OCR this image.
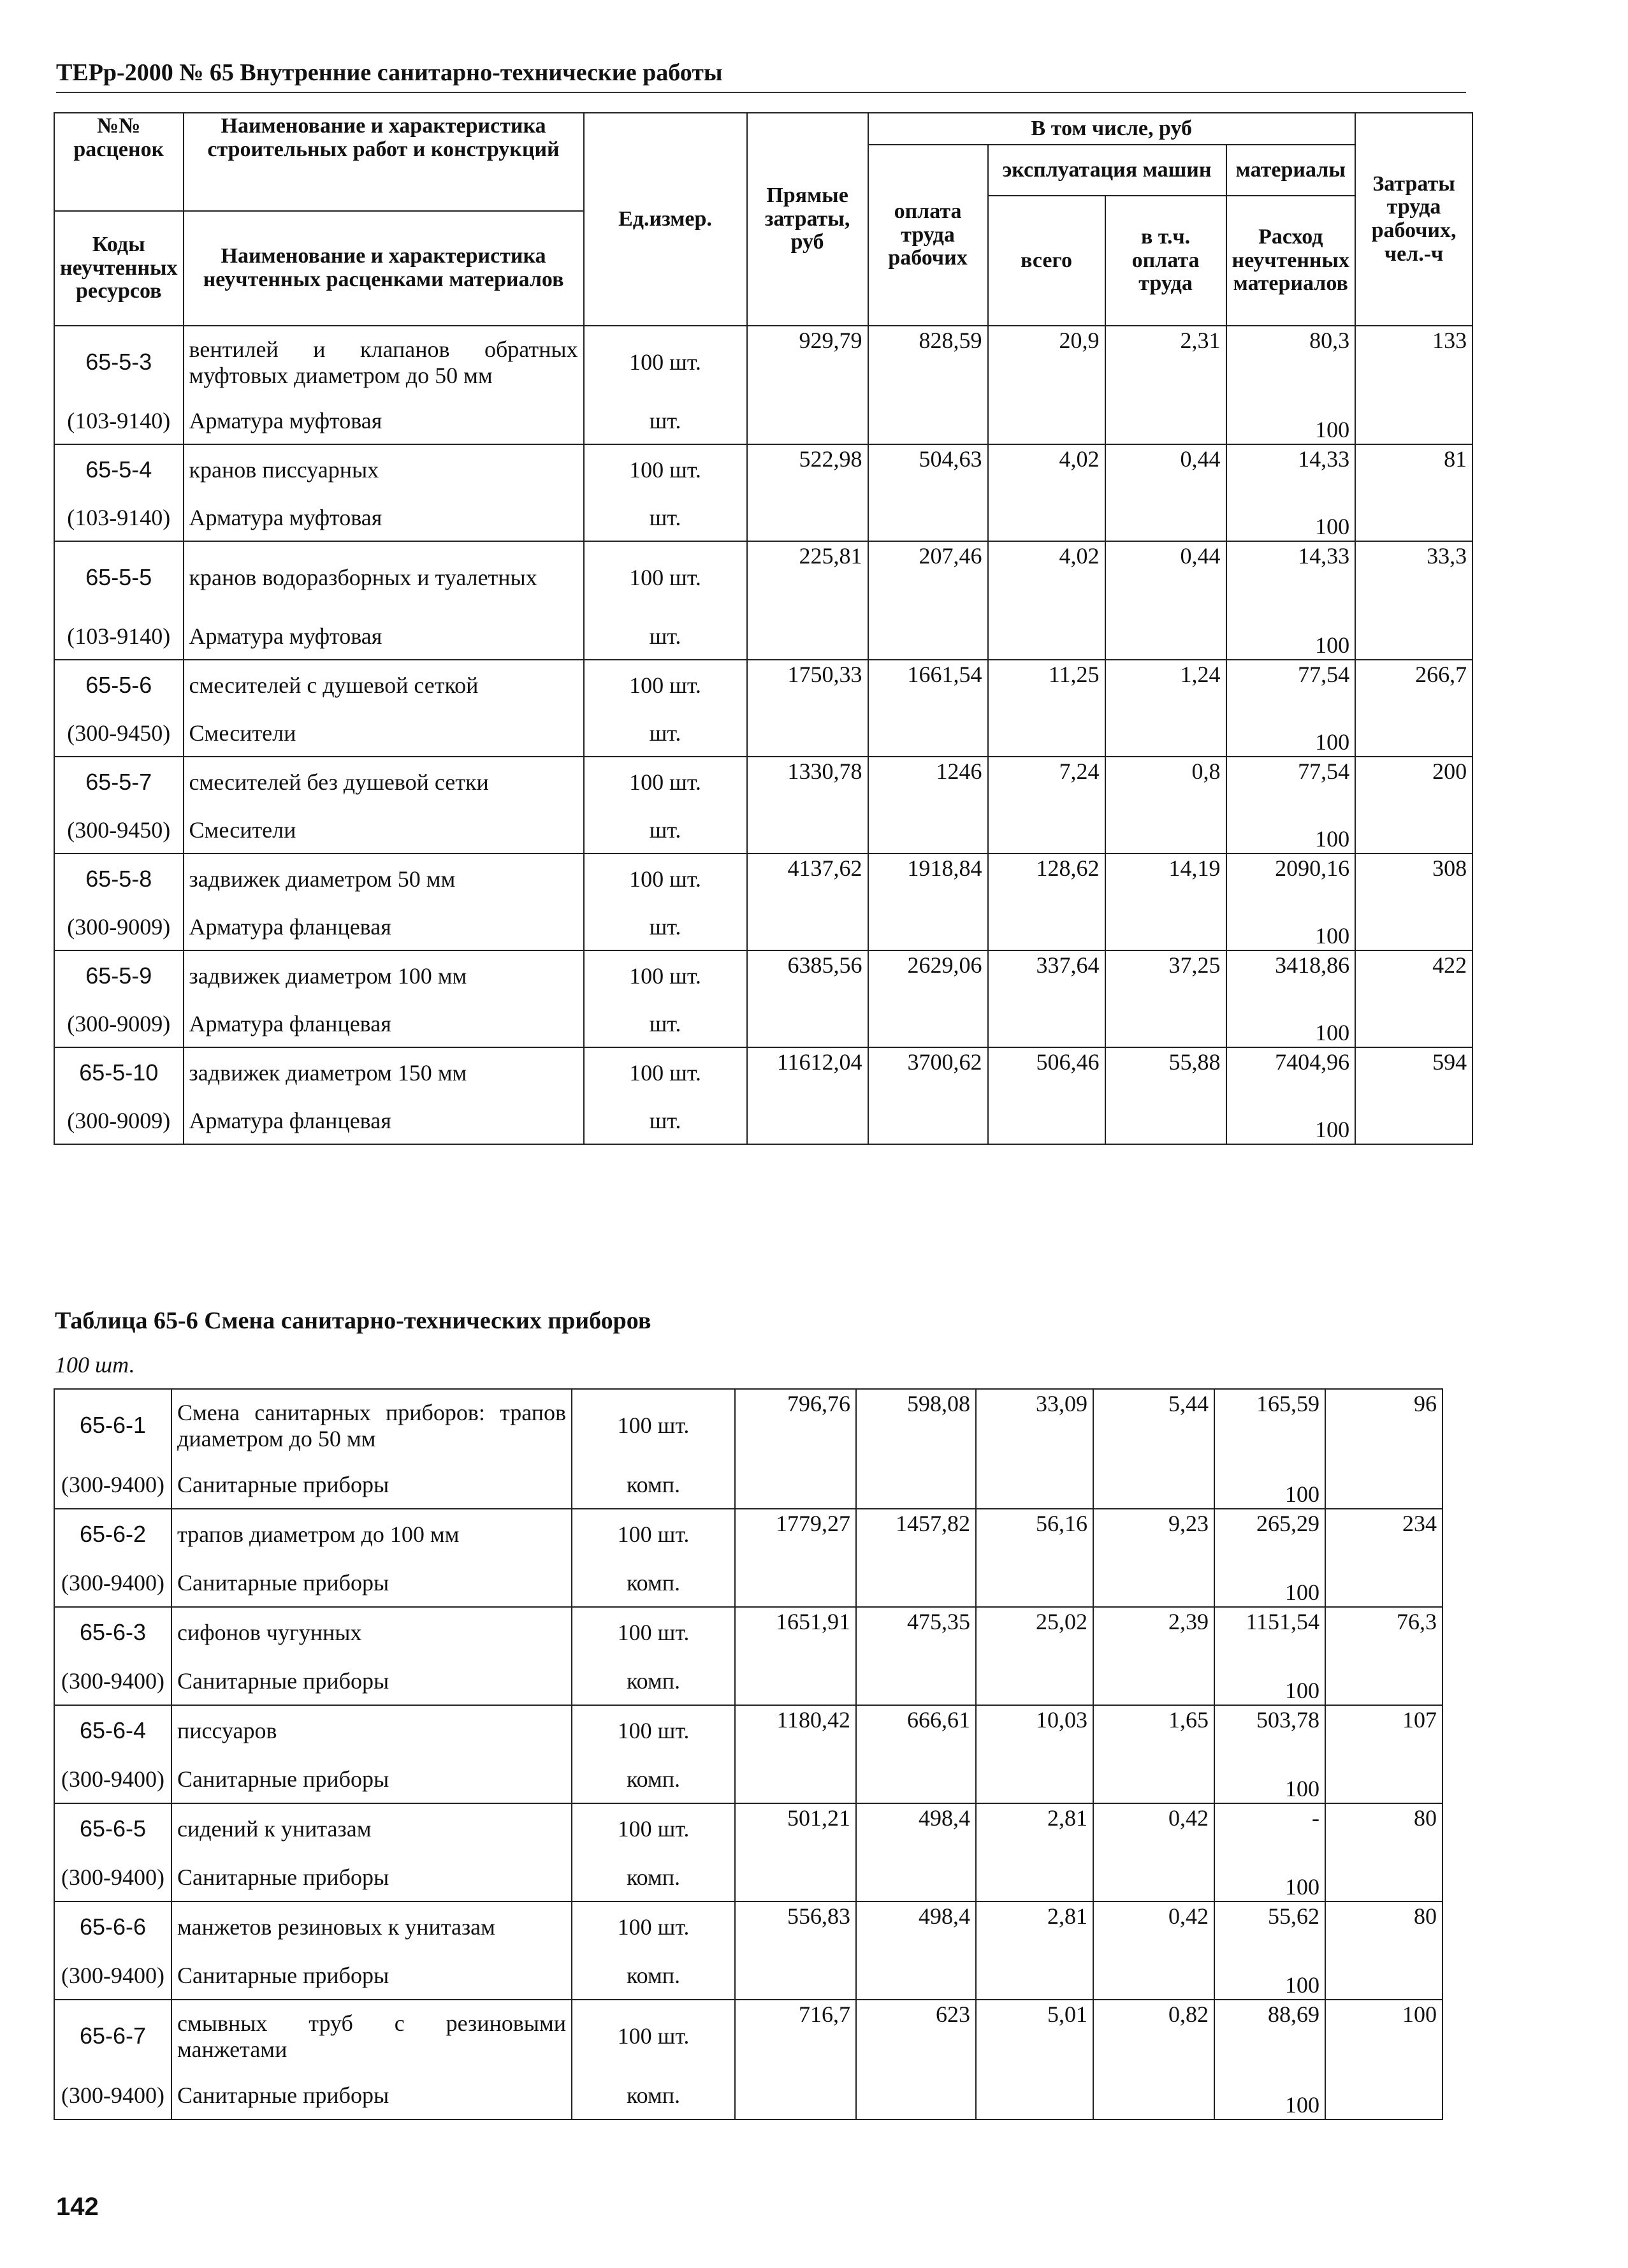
ТЕРр-2000 № 65 Внутренние санитарно-технические работы
№№ расценок	Наименование и характеристика строительных работ и конструкций	Ед.измер.	Прямые затраты, руб	В том числе, руб				Затраты труда рабочих, чел.-ч
				оплата труда рабочих	эксплуатация машин		материалы	

					всего	в т.ч. оплата труда	Расход неучтенных материалов	
Коды неучтенных ресурсов	Наименование и характеристика неучтенных расценками материалов							

65-5-3	вентилей и клапанов обратных муфтовых диаметром до 50 мм	100 шт.	929,79	828,59	20,9	2,31	80,3	133
(103-9140)	Арматура муфтовая	шт.					100	
65-5-4	кранов писсуарных	100 шт.	522,98	504,63	4,02	0,44	14,33	81
(103-9140)	Арматура муфтовая	шт.					100	
65-5-5	кранов водоразборных и туалетных	100 шт.	225,81	207,46	4,02	0,44	14,33	33,3
(103-9140)	Арматура муфтовая	шт.					100	
65-5-6	смесителей с душевой сеткой	100 шт.	1750,33	1661,54	11,25	1,24	77,54	266,7
(300-9450)	Смесители	шт.					100	
65-5-7	смесителей без душевой сетки	100 шт.	1330,78	1246	7,24	0,8	77,54	200
(300-9450)	Смесители	шт.					100	
65-5-8	задвижек диаметром 50 мм	100 шт.	4137,62	1918,84	128,62	14,19	2090,16	308
(300-9009)	Арматура фланцевая	шт.					100	
65-5-9	задвижек диаметром 100 мм	100 шт.	6385,56	2629,06	337,64	37,25	3418,86	422
(300-9009)	Арматура фланцевая	шт.					100	
65-5-10	задвижек диаметром 150 мм	100 шт.	11612,04	3700,62	506,46	55,88	7404,96	594
(300-9009)	Арматура фланцевая	шт.					100	
Таблица 65-6 Смена санитарно-технических приборов
100 шт.
65-6-1	Смена санитарных приборов: трапов диаметром до 50 мм	100 шт.	796,76	598,08	33,09	5,44	165,59	96
(300-9400)	Санитарные приборы	комп.					100	
65-6-2	трапов диаметром до 100 мм	100 шт.	1779,27	1457,82	56,16	9,23	265,29	234
(300-9400)	Санитарные приборы	комп.					100	
65-6-3	сифонов чугунных	100 шт.	1651,91	475,35	25,02	2,39	1151,54	76,3
(300-9400)	Санитарные приборы	комп.					100	
65-6-4	писсуаров	100 шт.	1180,42	666,61	10,03	1,65	503,78	107
(300-9400)	Санитарные приборы	комп.					100	
65-6-5	сидений к унитазам	100 шт.	501,21	498,4	2,81	0,42	-	80
(300-9400)	Санитарные приборы	комп.					100	
65-6-6	манжетов резиновых к унитазам	100 шт.	556,83	498,4	2,81	0,42	55,62	80
(300-9400)	Санитарные приборы	комп.					100	
65-6-7	смывных труб с резиновыми манжетами	100 шт.	716,7	623	5,01	0,82	88,69	100
(300-9400)	Санитарные приборы	комп.					100	
142
